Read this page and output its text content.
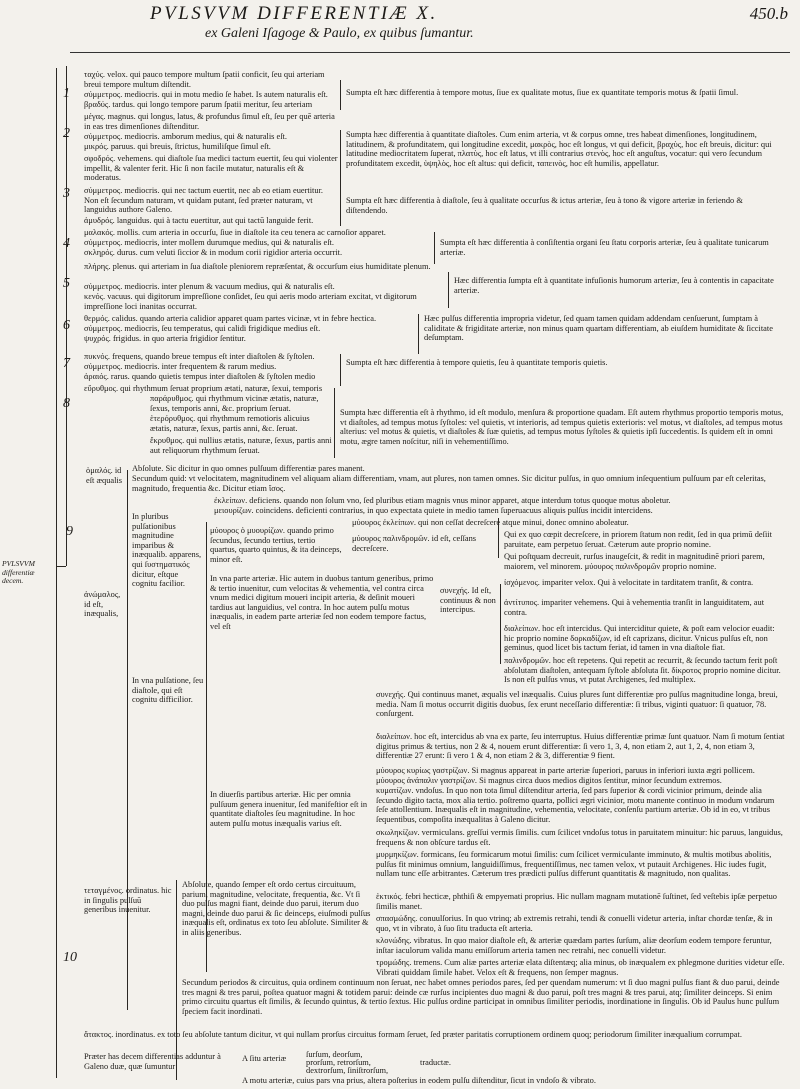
PVLSVVM DIFFERENTIÆ X.
ex Galeni Iſagoge & Paulo, ex quibus ſumantur.
450.b
PVLSVVM differentiæ decem.
1
2
3
4
5
6
7
8
9
10
ταχύς. velox. qui pauco tempore multum ſpatii conficit, ſeu qui arteriam breui tempore multum diſtendit.
σύμμετρος. mediocris. qui in motu medio ſe habet. Is autem naturalis eſt.
βραδύς. tardus. qui longo tempore parum ſpatii meritur, ſeu arteriam
μέγας. magnus. qui longus, latus, & profundus ſimul eſt, ſeu per quē arteria in eas tres dimenſiones diſtenditur.
σύμμετρος. mediocris. amborum medius, qui & naturalis eſt.
μικρός. paruus. qui breuis, ſtrictus, humiliſque ſimul eſt.
σφοδρός. vehemens. qui diaſtole ſua medici tactum euertit, ſeu qui violenter impellit, & valenter ferit. Hic ſi non facile mutatur, naturalis eſt & moderatus.
σύμμετρος. mediocris. qui nec tactum euertit, nec ab eo etiam euertitur. Non eſt ſecundum naturam, vt quidam putant, ſed præter naturam, vt languidus authore Galeno.
ἀμυδρός. languidus. qui à tactu euertitur, aut qui tactū languide ferit.
μαλακός. mollis. cum arteria in occurſu, ſiue in diaſtole ita ceu tenera ac carnoſior apparet.
σύμμετρος. mediocris, inter mollem durumque medius, qui & naturalis eſt.
σκληρός. durus. cum veluti ſiccior & in modum corii rigidior arteria occurrit.
πλήρης. plenus. qui arteriam in ſua diaſtole pleniorem repræſentat, & occurſum eius humiditate plenum.
σύμμετρος. mediocris. inter plenum & vacuum medius, qui & naturalis eſt.
κενός. vacuus. qui digitorum impreſſione conſidet, ſeu qui aeris modo arteriam excitat, vt digitorum impreſſione loci inanitas occurrat.
θερμός. calidus. quando arteria calidior apparet quam partes vicinæ, vt in febre hectica.
σύμμετρος. mediocris, ſeu temperatus, qui calidi frigidique medius eſt.
ψυχρός. frigidus. in quo arteria frigidior ſentitur.
πυκνός. frequens, quando breue tempus eſt inter diaſtolen & ſyſtolen.
σύμμετρος. mediocris. inter frequentem & rarum medius.
ἀραιός. rarus. quando quietis tempus inter diaſtolen & ſyſtolen medio
εὔρυθμος. qui rhythmum ſeruat proprium ætati, naturæ, ſexui, temporis
παράρυθμος. qui rhythmum vicinæ ætatis, naturæ, ſexus, temporis anni, &c. proprium ſeruat.
ἑτερόρυθμος. qui rhythmum remotioris alicuius ætatis, naturæ, ſexus, partis anni, &c. ſeruat.
ἔκρυθμος. qui nullius ætatis, naturæ, ſexus, partis anni aut reliquorum rhythmum ſeruat.
Sumpta eſt hæc differentia à tempore motus, ſiue ex qualitate motus, ſiue ex quantitate temporis motus & ſpatii ſimul.
Sumpta hæc differentia à quantitate diaſtoles. Cum enim arteria, vt & corpus omne, tres habeat dimenſiones, longitudinem, latitudinem, & profunditatem, qui longitudine excedit, μακρὸς, hoc eſt longus, vt qui deficit, βραχὺς, hoc eſt breuis, dicitur: qui latitudine mediocritatem ſuperat, πλατὺς, hoc eſt latus, vt illi contrarius στενὸς, hoc eſt anguſtus, vocatur: qui vero ſecundum profunditatem excedit, ὑψηλὸς, hoc eſt altus: qui deficit, ταπεινὸς, hoc eſt humilis, appellatur.
Sumpta eſt hæc differentia à diaſtole, ſeu à qualitate occurſus & ictus arteriæ, ſeu à tono & vigore arteriæ in feriendo & diſtendendo.
Sumpta eſt hæc differentia à conſiſtentia organi ſeu ſtatu corporis arteriæ, ſeu à qualitate tunicarum arteriæ.
Hæc differentia ſumpta eſt à quantitate infuſionis humorum arteriæ, ſeu à contentis in capacitate arteriæ.
Hæc pulſus differentia impropria videtur, ſed quam tamen quidam addendam cenſuerunt, ſumptam à caliditate & frigiditate arteriæ, non minus quam quartam differentiam, ab eiuſdem humiditate & ſiccitate deſumptam.
Sumpta eſt hæc differentia à tempore quietis, ſeu à quantitate temporis quietis.
Sumpta hæc differentia eſt à rhythmo, id eſt modulo, menſura & proportione quadam. Eſt autem rhythmus proportio temporis motus, vt diaſtoles, ad tempus motus ſyſtoles: vel quietis, vt interioris, ad tempus quietis exterioris: vel motus, vt diaſtoles, ad tempus motus alterius: vel motus & quietis, vt diaſtoles & ſuæ quietis, ad tempus motus ſyſtoles & quietis ipſi ſuccedentis. Is quidem eſt in omni motu, ægre tamen noſcitur, niſi in vehementiſſimo.
ὁμαλός. id eſt æqualis
ἀνώμαλος, id eſt, inæqualis,
Abſolute. Sic dicitur in quo omnes pulſuum differentiæ pares manent.
Secundum quid: vt velocitatem, magnitudinem vel aliquam aliam differentiam, vnam, aut plures, non tamen omnes. Sic dicitur pulſus, in quo omnium inſequentium pulſuum par eſt celeritas, magnitudo, frequentia &c. Dicitur etiam ἴσος.
In pluribus pulſationibus magnitudine imparibus & inæqualib. apparens, qui ſυστηματικός dicitur, eſtque cognitu facilior.
ἐκλείπων. deficiens. quando non ſolum vno, ſed pluribus etiam magnis vnus minor apparet, atque interdum totus quoque motus aboletur.
μειουρίζων. coincidens. deficienti contrarius, in quo expectata quiete in medio tamen ſuperuacuus aliquis pulſus incidit intercidens.
μύουρος ὁ μυουρίζων. quando primo ſecundus, ſecundo tertius, tertio quartus, quarto quintus, & ita deinceps, minor eſt.
μύουρος ἐκλείπων. qui non ceſſat decreſcere atque minui, donec omnino aboleatur.
μύουρος παλινδρομῶν. id eſt, ceſſans decreſcere.
Qui ex quo cœpit decreſcere, in priorem ſtatum non redit, ſed in qua primū deſiit paruitate, eam perpetuo ſeruat. Cæterum aute proprio nomine.
Qui poſtquam decreuit, rurſus inaugeſcit, & redit in magnitudinē priori parem, maiorem, vel minorem. μύουρος παλινδρομῶν proprio nomine.
In vna parte arteriæ. Hic autem in duobus tantum generibus, primo & tertio inuenitur, cum velocitas & vehementia, vel contra circa vnum medici digitum moueri incipit arteria, & deſinit moueri tardius aut languidius, vel contra. In hoc autem pulſu motus inæqualis, in eadem parte arteriæ ſed non eodem tempore factus, vel eſt
συνεχής. Id eſt, continuus & non intercipus.
ἰσχόμενος. impariter velox. Qui à velocitate in tarditatem tranſit, & contra.
ἀντίτυπος. impariter vehemens. Qui à vehementia tranſit in languiditatem, aut contra.
διαλείπων. hoc eſt intercidus. Qui interciditur quiete, & poſt eam velocior euadit: hic proprio nomine δορκαδίζων, id eſt caprizans, dicitur. Vnicus pulſus eſt, non geminus, quod licet bis tactum feriat, id tamen in vna diaſtole fiat.
παλινδρομῶν. hoc eſt repetens. Qui repetit ac recurrit, & ſecundo tactum ferit poſt abſolutam diaſtolen, antequam ſyſtole abſoluta ſit. δίκροτος proprio nomine dicitur. Is non eſt pulſus vnus, vt putat Archigenes, ſed multiplex.
In vna pulſatione, ſeu diaſtole, qui eſt cognitu difficilior.
συνεχής. Qui continuus manet, æqualis vel inæqualis. Cuius plures ſunt differentiæ pro pulſus magnitudine longa, breui, media. Nam ſi motus occurrit digitis duobus, ſex erunt neceſſario differentiæ: ſi tribus, viginti quatuor: ſi quatuor, 78. conſurgent.
διαλείπων. hoc eſt, intercidus ab vna ex parte, ſeu interruptus. Huius differentiæ primæ ſunt quatuor. Nam ſi motum ſentiat digitus primus & tertius, non 2 & 4, nouem erunt differentiæ: ſi vero 1, 3, 4, non etiam 2, aut 1, 2, 4, non etiam 3, differentiæ 27 erunt: ſi vero 1 & 4, non etiam 2 & 3, differentiæ 9 fient.
μύουρος κυρίως γαστρίζων. Si magnus appareat in parte arteriæ ſuperiori, paruus in inferiori iuxta ægri pollicem.
μύουρος ἀνάπαλιν γαστρίζων. Si magnus circa duos medios digitos ſentitur, minor ſecundum extremos.
In diuerſis partibus arteriæ. Hic per omnia pulſuum genera inuenitur, ſed manifeſtior eſt in quantitate diaſtoles ſeu magnitudine. In hoc autem pulſu motus inæqualis varius eſt.
κυματίζων. vndoſus. In quo non tota ſimul diſtenditur arteria, ſed pars ſuperior & cordi vicinior primum, deinde alia ſecundo digito tacta, mox alia tertio. poſtremo quarta, pollici ægri vicinior, motu manente continuo in modum vndarum ſeſe attollentium. Inæqualis eſt in magnitudine, vehementia, velocitate, conſenſu partium arteriæ. Ob id in eo, vt tribus ſequentibus, compoſita inæqualitas à Galeno dicitur.
σκωληκίζων. vermiculans. greſſui vermis ſimilis. cum ſcilicet vndoſus totus in paruitatem minuitur: hic paruus, languidus, frequens & non obſcure tardus eſt.
μυρμηκίζων. formicans, ſeu formicarum motui ſimilis: cum ſcilicet vermiculante imminuto, & multis motibus abolitis, pulſus fit minimus omnium, languidiſſimus, frequentiſſimus, nec tamen velox, vt putauit Archigenes. Hic iudes fugit, nullam tunc eſſe arbitrantes. Cæterum tres prædicti pulſus differunt quantitatis & magnitudo, non qualitas.
ἑκτικός. febri hecticæ, phthiſi & empyemati proprius. Hic nullam magnam mutationē ſuſtinet, ſed veſtebis ipſæ perpetuo ſimilis manet.
σπασμώδης. conuulſorius. In quo vtrinq; ab extremis retrahi, tendi & conuelli videtur arteria, inſtar chordæ tenſæ, & in quo, vt in vibrato, à ſuo ſitu traducta eſt arteria.
κλονώδης. vibratus. In quo maior diaſtole eſt, & arteriæ quædam partes ſurſum, aliæ deorſum eodem tempore feruntur, inſtar iaculorum valida manu emiſſorum arteria tamen nec retrahi, nec conuelli videtur.
τρομώδης. tremens. Cum aliæ partes arteriæ elata diſtentæq; alia minus, ob inæqualem ex phlegmone durities videtur eſſe. Vibrati quiddam ſimile habet. Velox eſt & frequens, non ſemper magnus.
τεταγμένος. ordinatus. hic in ſingulis pulſuū generibus inuenitur.
Abſolute, quando ſemper eſt ordo certus circuituum, parium, magnitudine, velocitate, frequentia, &c. Vt ſi duo pulſus magni fiant, deinde duo parui, iterum duo magni, deinde duo parui & ſic deinceps, eiuſmodi pulſus inæqualis eſt, ordinatus ex toto ſeu abſolute. Similiter & in aliis generibus.
Secundum periodos & circuitus, quia ordinem continuum non ſeruat, nec habet omnes periodos pares, ſed per quendam numerum: vt ſi duo magni pulſus fiant & duo parui, deinde tres magni & tres parui, poſtea quatuor magni & totidem parui: deinde cæ rurſus incipientes duo magni & duo parui, poſt tres magni & tres parui, atq; ſimiliter deinceps. Si enim primo circuitu quartus eſt ſimilis, & ſecundo quintus, & tertio ſextus. Hic pulſus ordine participat in omnibus ſimiliter periodis, inordinatione in ſingulis. Ob id Paulus hunc pulſum ſpeciem facit inordinati.
ἄτακτος. inordinatus. ex toto ſeu abſolute tantum dicitur, vt qui nullam prorſus circuitus formam ſeruet, ſed præter paritatis corruptionem ordinem quoq; periodorum ſimiliter inæqualium corrumpat.
Præter has decem differentias adduntur à Galeno duæ, quæ ſumuntur
A ſitu arteriæ	ſurſum, deorſum,
prorſum, retrorſum,
dextrorſum, ſiniſtrorſum,
traductæ.
A motu arteriæ, cuius pars vna prius, altera poſterius in eodem pulſu diſtenditur, ſicut in vndoſo & vibrato.
